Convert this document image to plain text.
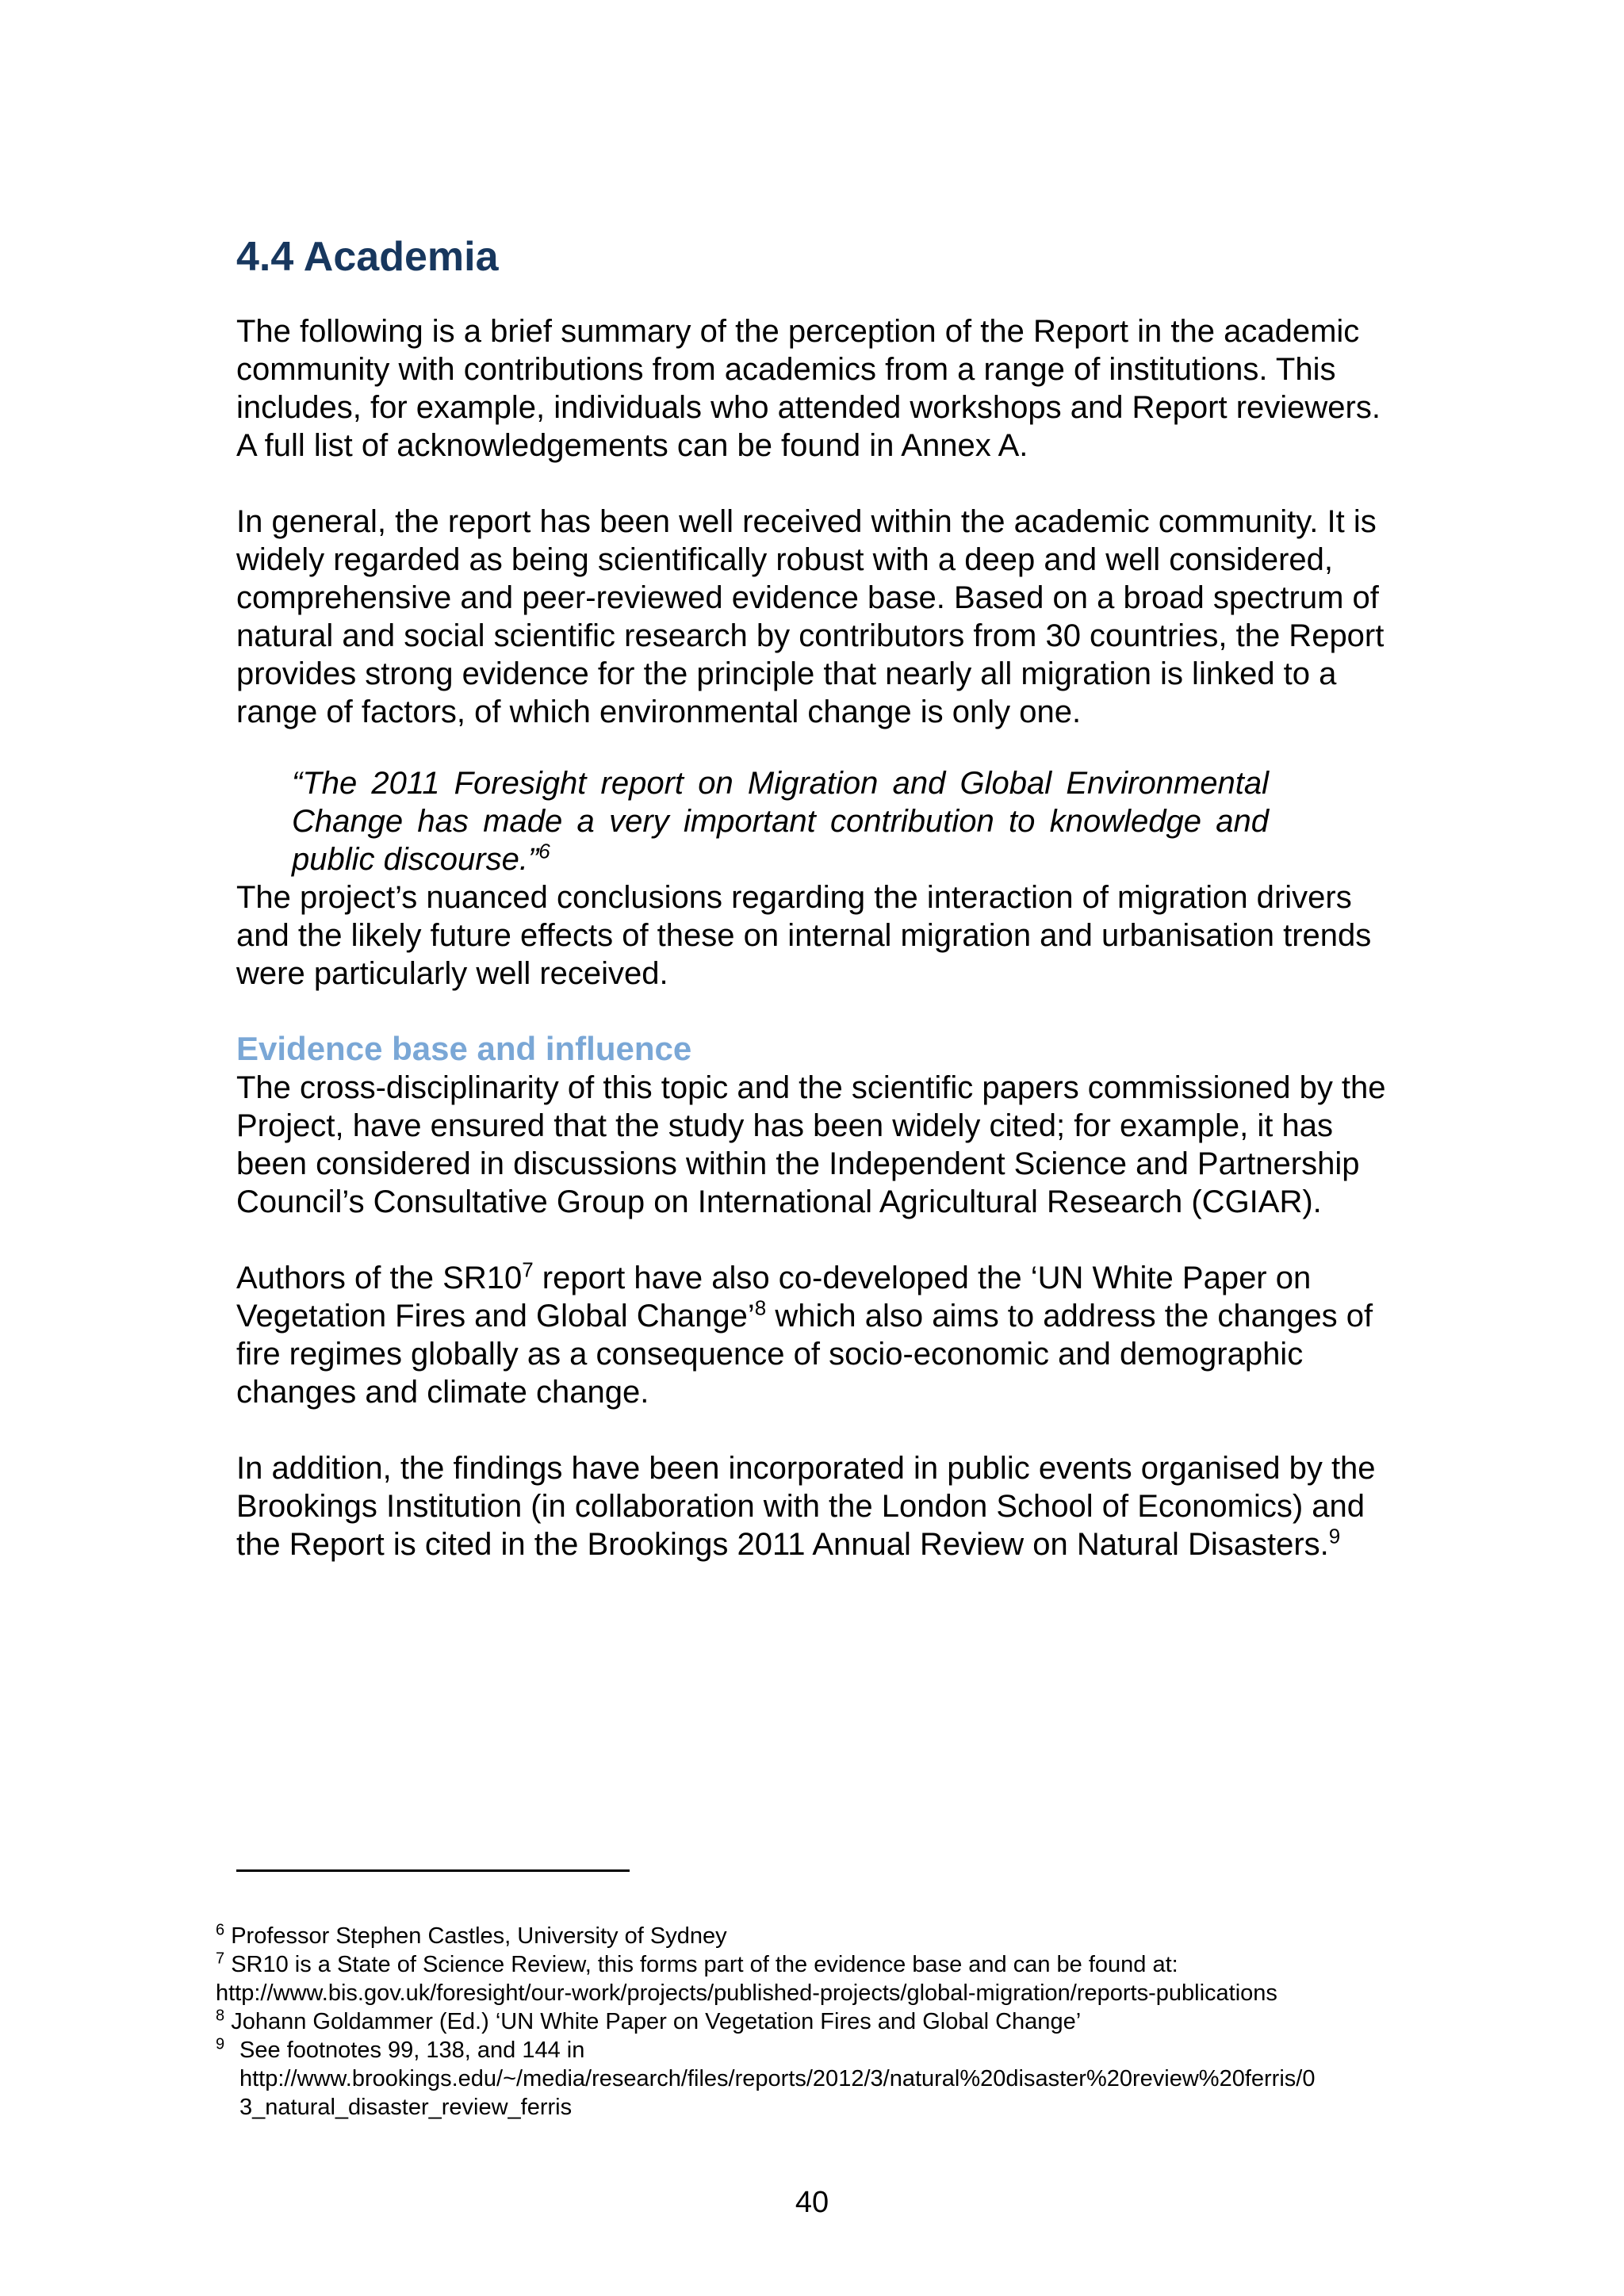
4.4 Academia

The following is a brief summary of the perception of the Report in the academic community with contributions from academics from a range of institutions. This includes, for example, individuals who attended workshops and Report reviewers. A full list of acknowledgements can be found in Annex A.

In general, the report has been well received within the academic community. It is widely regarded as being scientifically robust with a deep and well considered, comprehensive and peer-reviewed evidence base. Based on a broad spectrum of natural and social scientific research by contributors from 30 countries, the Report provides strong evidence for the principle that nearly all migration is linked to a range of factors, of which environmental change is only one.

“The 2011 Foresight report on Migration and Global Environmental Change has made a very important contribution to knowledge and public discourse.”$^6$

The project’s nuanced conclusions regarding the interaction of migration drivers and the likely future effects of these on internal migration and urbanisation trends were particularly well received.

Evidence base and influence

The cross-disciplinarity of this topic and the scientific papers commissioned by the Project, have ensured that the study has been widely cited; for example, it has been considered in discussions within the Independent Science and Partnership Council’s Consultative Group on International Agricultural Research (CGIAR).

Authors of the $SR10^7$ report have also co-developed the ‘UN White Paper on Vegetation Fires and Global Change’$^8$ which also aims to address the changes of fire regimes globally as a consequence of socio-economic and demographic changes and climate change.

In addition, the findings have been incorporated in public events organised by the Brookings Institution (in collaboration with the London School of Economics) and the Report is cited in the Brookings 2011 Annual Review on Natural Disasters.$^9$

$^6$ Professor Stephen Castles, University of Sydney

$^7$ SR10 is a State of Science Review, this forms part of the evidence base and can be found at:

http://www.bis.gov.uk/foresight/our-work/projects/published-projects/global-migration/reports-publications

$^8$ Johann Goldammer (Ed.) ‘UN White Paper on Vegetation Fires and Global Change’

$^9$ See footnotes 99, 138, and 144 in
http://www.brookings.edu/~/media/research/files/reports/2012/3/natural%20disaster%20review%20ferris/0
3_natural_disaster_review_ferris
40
